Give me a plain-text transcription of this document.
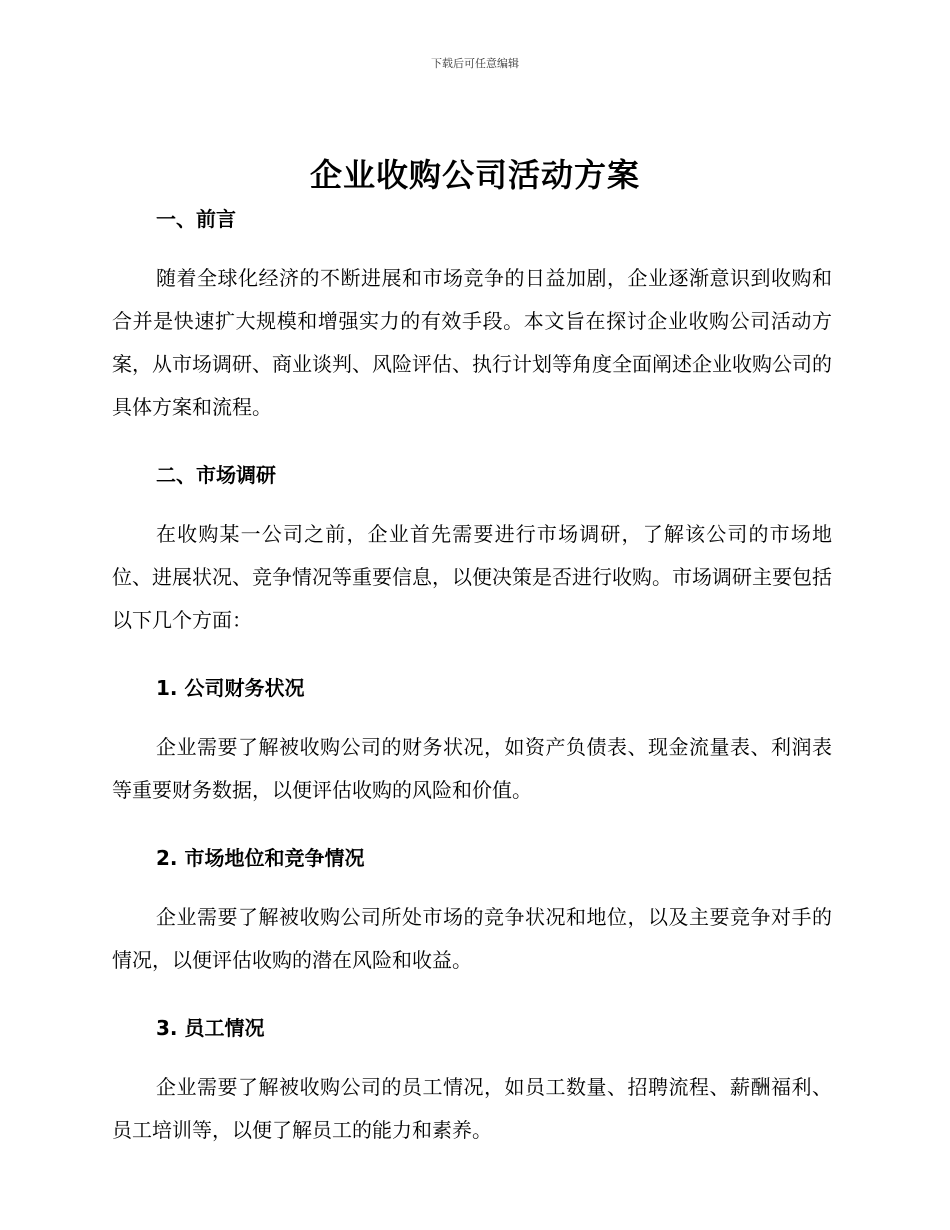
下载后可任意编辑
企业收购公司活动方案
一、前言

随着全球化经济的不断进展和市场竞争的日益加剧，企业逐渐意识到收购和合并是快速扩大规模和增强实力的有效手段。本文旨在探讨企业收购公司活动方案，从市场调研、商业谈判、风险评估、执行计划等角度全面阐述企业收购公司的具体方案和流程。

二、市场调研

在收购某一公司之前，企业首先需要进行市场调研，了解该公司的市场地位、进展状况、竞争情况等重要信息，以便决策是否进行收购。市场调研主要包括以下几个方面：

1. 公司财务状况

企业需要了解被收购公司的财务状况，如资产负债表、现金流量表、利润表等重要财务数据，以便评估收购的风险和价值。

2. 市场地位和竞争情况

企业需要了解被收购公司所处市场的竞争状况和地位，以及主要竞争对手的情况，以便评估收购的潜在风险和收益。

3. 员工情况

企业需要了解被收购公司的员工情况，如员工数量、招聘流程、薪酬福利、员工培训等，以便了解员工的能力和素养。
